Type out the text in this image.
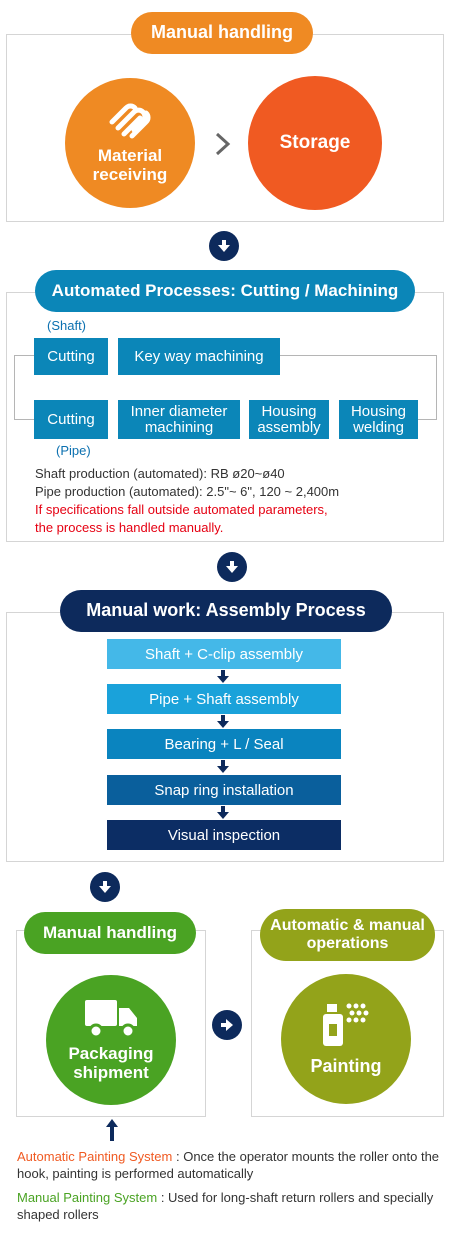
Manual handling
Material receiving
Storage
Automated Processes: Cutting / Machining
(Shaft)
Cutting	Key way machining
Cutting	Inner diameter machining
Housing assembly
Housing welding
(Pipe)
Shaft production (automated): RB ø20~ø40
Pipe production (automated): 2.5"~ 6", 120 ~ 2,400m
If specifications fall outside automated parameters,
the process is handled manually.
Manual work: Assembly Process
Shaft + C-clip assembly
Pipe + Shaft assembly
Bearing + L / Seal
Snap ring installation
Visual inspection
Manual handling
Packaging shipment
Automatic & manual operations
Painting
Automatic Painting System : Once the operator mounts the roller onto the hook, painting is performed automatically
Manual Painting System : Used for long-shaft return rollers and specially shaped rollers
